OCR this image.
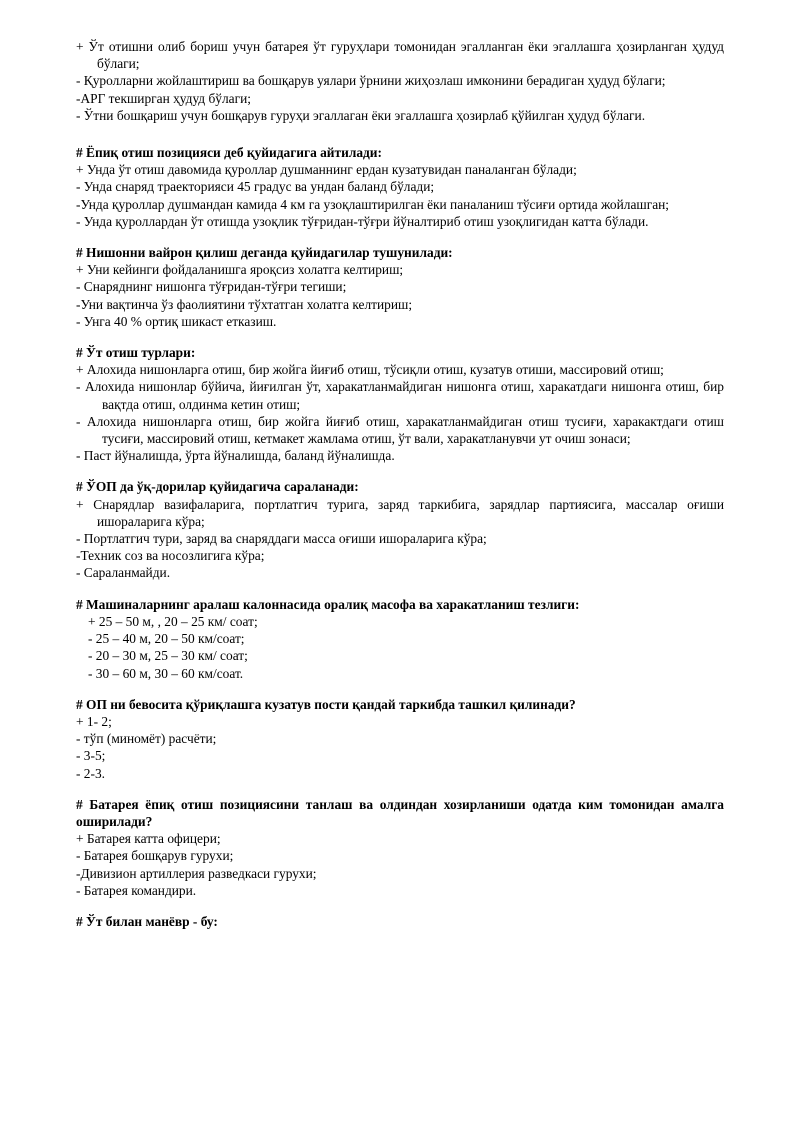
+ Ўт отишни олиб бориш учун батарея ўт гуруҳлари томонидан эгалланган ёки эгаллашга ҳозирланган ҳудуд бўлаги;

- Қуролларни жойлаштириш ва бошқарув уялари ўрнини жиҳозлаш имконини берадиган ҳудуд бўлаги;

-АРГ текширган ҳудуд бўлаги;

- Ўтни бошқариш учун бошқарув гуруҳи эгаллаган ёки эгаллашга ҳозирлаб қўйилган ҳудуд бўлаги.

# Ёпиқ отиш позицияси деб қуйидагига айтилади:

+ Унда ўт отиш давомида қуроллар душманнинг ердан кузатувидан паналанган бўлади;

- Унда снаряд траекторияси 45 градус ва ундан баланд бўлади;

-Унда қуроллар душмандан камида 4 км га узоқлаштирилган ёки паналаниш тўсиғи ортида жойлашган;

- Унда қуроллардан ўт отишда узоқлик тўғридан-тўғри йўналтириб отиш узоқлигидан катта бўлади.

# Нишонни вайрон қилиш деганда қуйидагилар тушунилади:

+ Уни кейинги фойдаланишга яроқсиз холатга келтириш;

- Снаряднинг нишонга тўғридан-тўғри тегиши;

-Уни вақтинча ўз фаолиятини тўхтатган холатга келтириш;

- Унга 40 % ортиқ шикаст етказиш.

# Ўт отиш турлари:

+ Алохида нишонларга отиш, бир жойга йиғиб отиш, тўсиқли отиш, кузатув отиши, массировий отиш;

- Алохида нишонлар бўйича, йиғилган ўт, харакатланмайдиган нишонга отиш, харакатдаги нишонга отиш, бир вақтда отиш, олдинма кетин отиш;

- Алохида нишонларга отиш, бир жойга йиғиб отиш, харакатланмайдиган отиш тусиғи, харакактдаги отиш тусиғи, массировий отиш, кетмакет жамлама отиш, ўт вали, харакатланувчи ут очиш зонаси;

- Паст йўналишда, ўрта йўналишда, баланд йўналишда.

# ЎОП да ўқ-дорилар қуйидагича сараланади:

+ Снарядлар вазифаларига, портлатгич турига, заряд таркибига, зарядлар партиясига, массалар оғиши ишораларига кўра;

- Портлатгич тури, заряд ва снаряддаги масса оғиши ишораларига кўра;

-Техник соз ва носозлигига кўра;

- Сараланмайди.

# Машиналарнинг аралаш калоннасида оралиқ масофа ва харакатланиш тезлиги:

+ 25 – 50 м, , 20 – 25 км/ соат;

- 25 – 40 м, 20 – 50 км/соат;

- 20 – 30 м, 25 – 30 км/ соат;

- 30 – 60 м, 30 – 60 км/соат.

# ОП ни бевосита қўриқлашга кузатув пости қандай таркибда ташкил қилинади?

+ 1- 2;

- тўп (миномёт) расчёти;

- 3-5;

- 2-3.

# Батарея ёпиқ отиш позициясини танлаш ва олдиндан хозирланиши одатда ким томонидан амалга оширилади?

+ Батарея катта офицери;

- Батарея бошқарув гурухи;

-Дивизион артиллерия разведкаси гурухи;

- Батарея командири.

# Ўт билан манёвр - бу:
